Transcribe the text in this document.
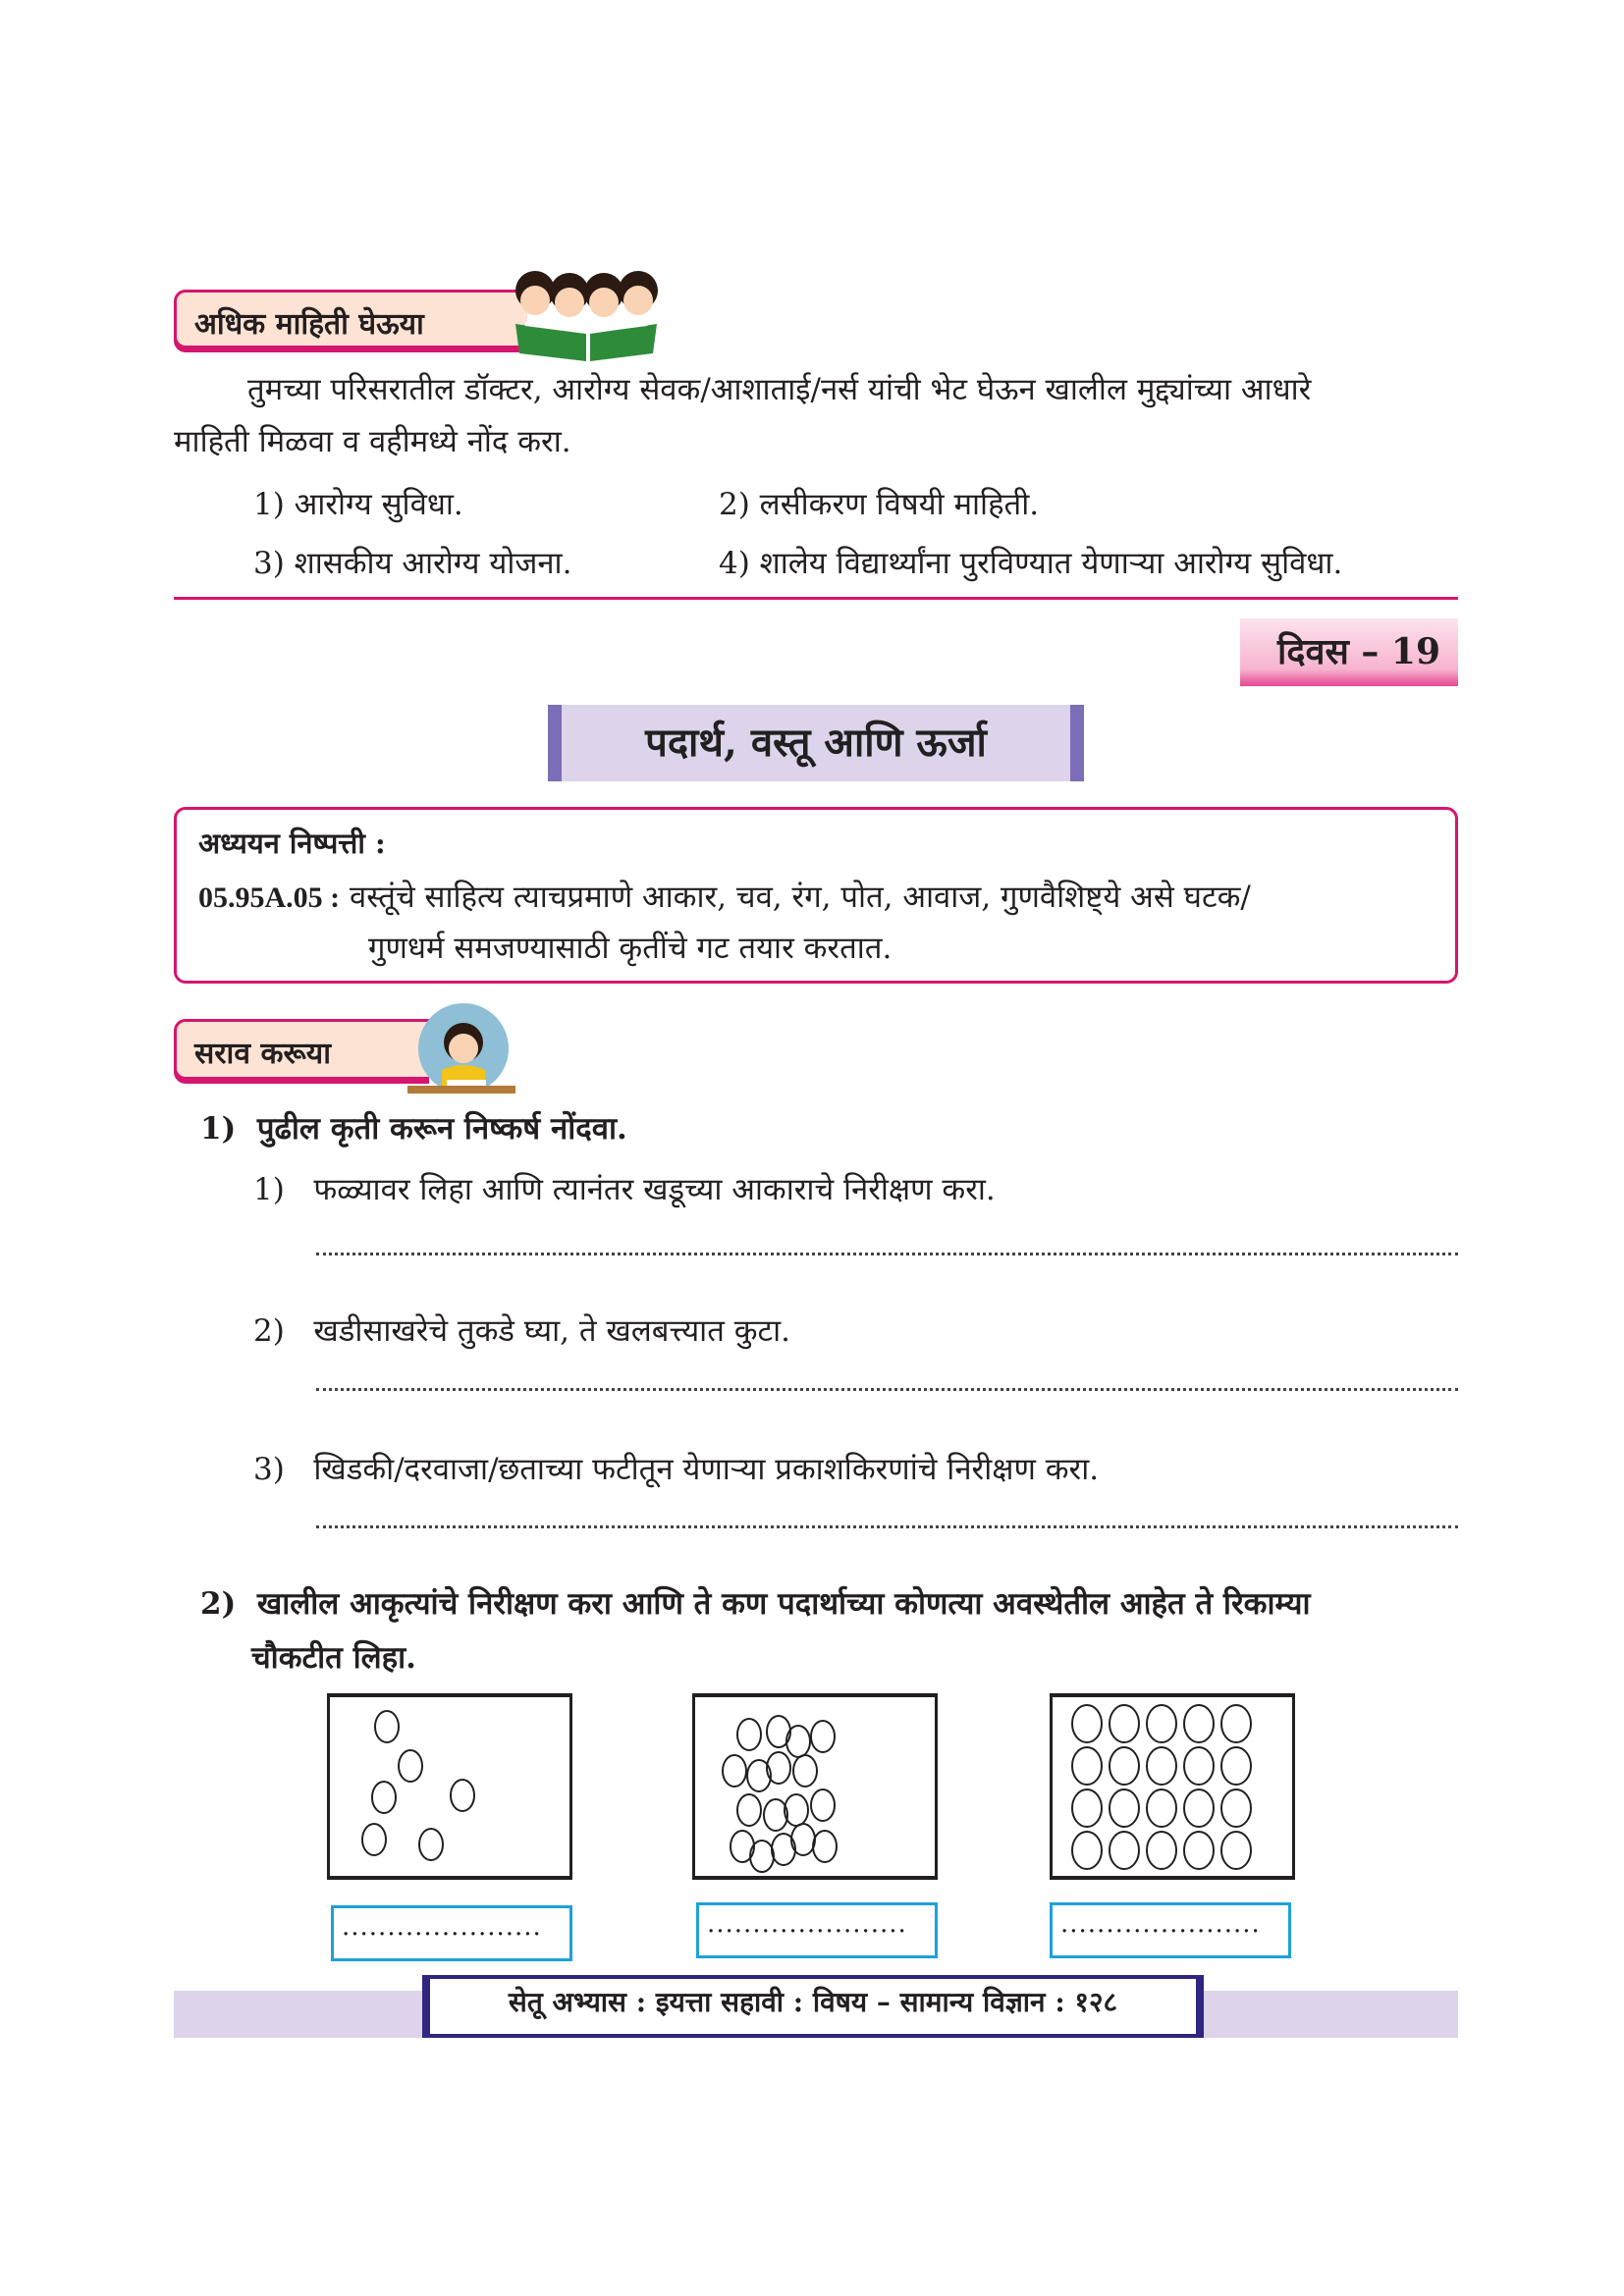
अधिक माहिती घेऊया
तुमच्या परिसरातील डॉक्टर, आरोग्य सेवक/आशाताई/नर्स यांची भेट घेऊन खालील मुद्द्यांच्या आधारे
माहिती मिळवा व वहीमध्ये नोंद करा.
1) आरोग्य सुविधा.	2) लसीकरण विषयी माहिती.
3) शासकीय आरोग्य योजना.	4) शालेय विद्यार्थ्यांना पुरविण्यात येणाऱ्या आरोग्य सुविधा.
दिवस – 19
पदार्थ, वस्तू आणि ऊर्जा
अध्ययन निष्पत्ती :
05.95A.05 : वस्तूंचे साहित्य त्याचप्रमाणे आकार, चव, रंग, पोत, आवाज, गुणवैशिष्ट्ये असे घटक/
गुणधर्म समजण्यासाठी कृतींचे गट तयार करतात.
सराव करूया
1) पुढील कृती करून निष्कर्ष नोंदवा.
1) फळ्यावर लिहा आणि त्यानंतर खडूच्या आकाराचे निरीक्षण करा.
2) खडीसाखरेचे तुकडे घ्या, ते खलबत्त्यात कुटा.
3) खिडकी/दरवाजा/छताच्या फटीतून येणाऱ्या प्रकाशकिरणांचे निरीक्षण करा.
2) खालील आकृत्यांचे निरीक्षण करा आणि ते कण पदार्थाच्या कोणत्या अवस्थेतील आहेत ते रिकाम्या
चौकटीत लिहा.
......................	......................	......................
सेतू अभ्यास : इयत्ता सहावी : विषय – सामान्य विज्ञान : १२८
